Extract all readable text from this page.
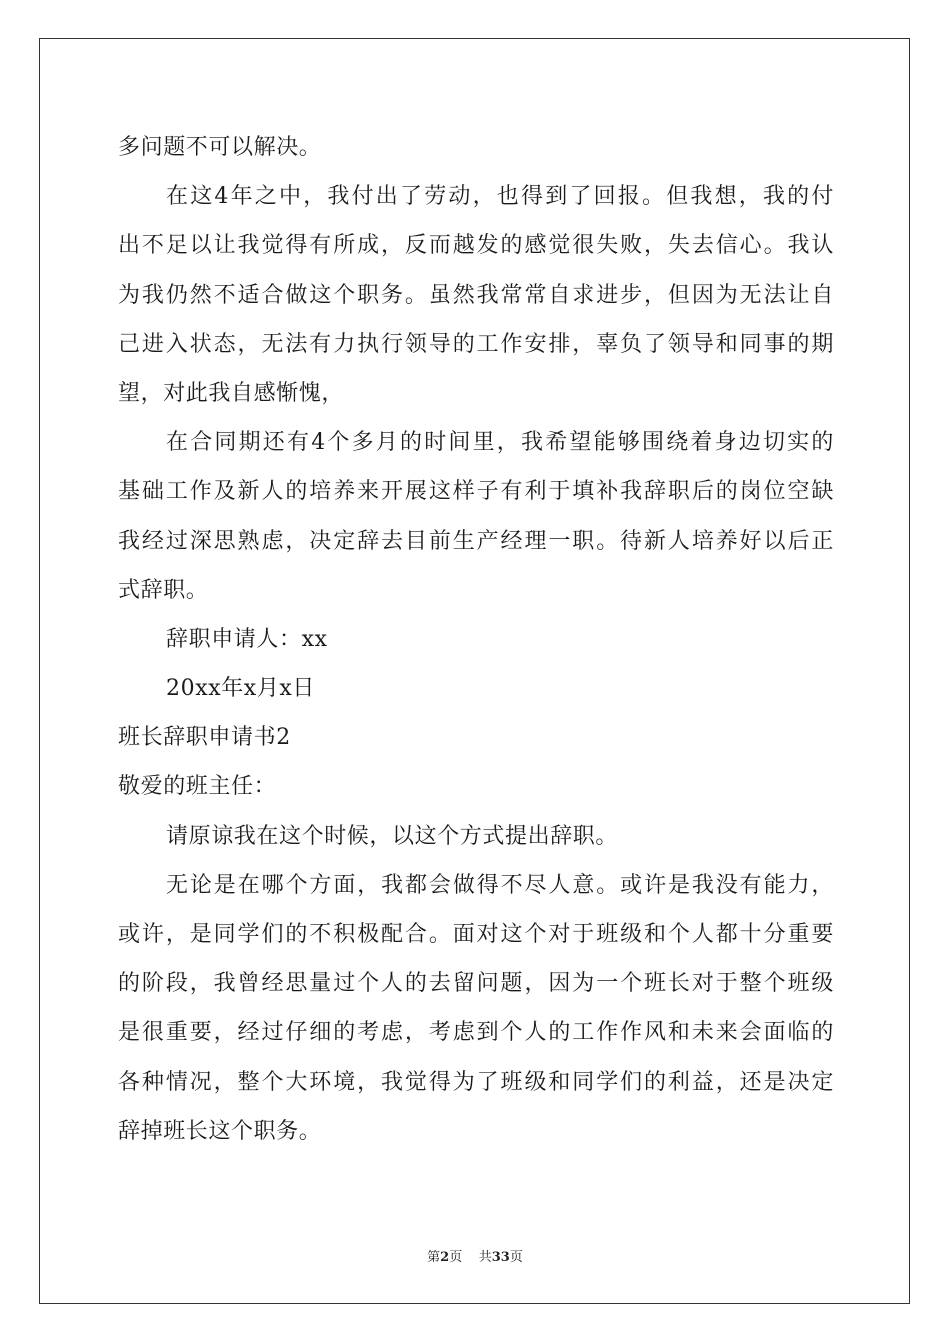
多问题不可以解决。
在这4年之中，我付出了劳动，也得到了回报。但我想，我的付
出不足以让我觉得有所成，反而越发的感觉很失败，失去信心。我认
为我仍然不适合做这个职务。虽然我常常自求进步，但因为无法让自
己进入状态，无法有力执行领导的工作安排，辜负了领导和同事的期
望，对此我自感惭愧，
在合同期还有4个多月的时间里，我希望能够围绕着身边切实的
基础工作及新人的培养来开展这样子有利于填补我辞职后的岗位空缺
我经过深思熟虑，决定辞去目前生产经理一职。待新人培养好以后正
式辞职。
辞职申请人：xx
20xx年x月x日
班长辞职申请书2
敬爱的班主任：
请原谅我在这个时候，以这个方式提出辞职。
无论是在哪个方面，我都会做得不尽人意。或许是我没有能力，
或许，是同学们的不积极配合。面对这个对于班级和个人都十分重要
的阶段，我曾经思量过个人的去留问题，因为一个班长对于整个班级
是很重要，经过仔细的考虑，考虑到个人的工作作风和未来会面临的
各种情况，整个大环境，我觉得为了班级和同学们的利益，还是决定
辞掉班长这个职务。
第2页 共33页
